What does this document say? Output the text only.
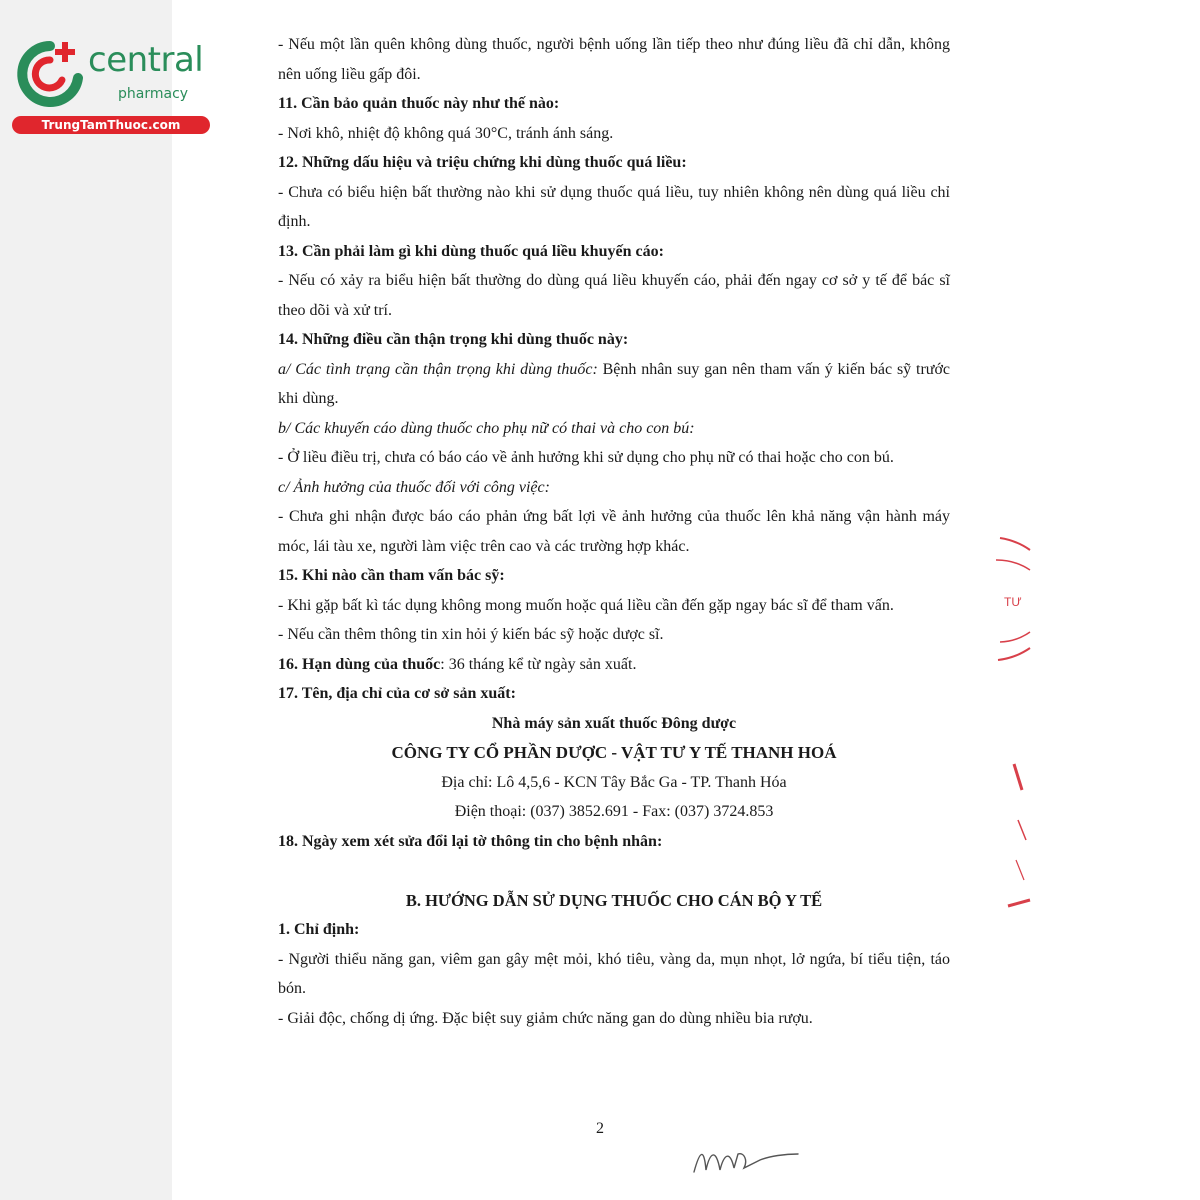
central
pharmacy
TrungTamThuoc.com

- Nếu một lần quên không dùng thuốc, người bệnh uống lần tiếp theo như đúng liều đã chỉ dẫn, không nên uống liều gấp đôi.

11. Cần bảo quản thuốc này như thế nào:

- Nơi khô, nhiệt độ không quá 30°C, tránh ánh sáng.

12. Những dấu hiệu và triệu chứng khi dùng thuốc quá liều:

- Chưa có biểu hiện bất thường nào khi sử dụng thuốc quá liều, tuy nhiên không nên dùng quá liều chỉ định.

13. Cần phải làm gì khi dùng thuốc quá liều khuyến cáo:

- Nếu có xảy ra biểu hiện bất thường do dùng quá liều khuyến cáo, phải đến ngay cơ sở y tế để bác sĩ theo dõi và xử trí.

14. Những điều cần thận trọng khi dùng thuốc này:

a/ Các tình trạng cần thận trọng khi dùng thuốc: Bệnh nhân suy gan nên tham vấn ý kiến bác sỹ trước khi dùng.

b/ Các khuyến cáo dùng thuốc cho phụ nữ có thai và cho con bú:

- Ở liều điều trị, chưa có báo cáo về ảnh hưởng khi sử dụng cho phụ nữ có thai hoặc cho con bú.

c/ Ảnh hưởng của thuốc đối với công việc:

- Chưa ghi nhận được báo cáo phản ứng bất lợi về ảnh hưởng của thuốc lên khả năng vận hành máy móc, lái tàu xe, người làm việc trên cao và các trường hợp khác.

15. Khi nào cần tham vấn bác sỹ:

- Khi gặp bất kì tác dụng không mong muốn hoặc quá liều cần đến gặp ngay bác sĩ để tham vấn.

- Nếu cần thêm thông tin xin hỏi ý kiến bác sỹ hoặc dược sĩ.

16. Hạn dùng của thuốc: 36 tháng kể từ ngày sản xuất.

17. Tên, địa chỉ của cơ sở sản xuất:

Nhà máy sản xuất thuốc Đông dược

CÔNG TY CỔ PHẦN DƯỢC - VẬT TƯ Y TẾ THANH HOÁ

Địa chỉ: Lô 4,5,6 - KCN Tây Bắc Ga - TP. Thanh Hóa

Điện thoại: (037) 3852.691 - Fax: (037) 3724.853

18. Ngày xem xét sửa đổi lại tờ thông tin cho bệnh nhân:

B. HƯỚNG DẪN SỬ DỤNG THUỐC CHO CÁN BỘ Y TẾ

1. Chỉ định:

- Người thiểu năng gan, viêm gan gây mệt mỏi, khó tiêu, vàng da, mụn nhọt, lở ngứa, bí tiểu tiện, táo bón.

- Giải độc, chống dị ứng. Đặc biệt suy giảm chức năng gan do dùng nhiều bia rượu.

2
TƯ
